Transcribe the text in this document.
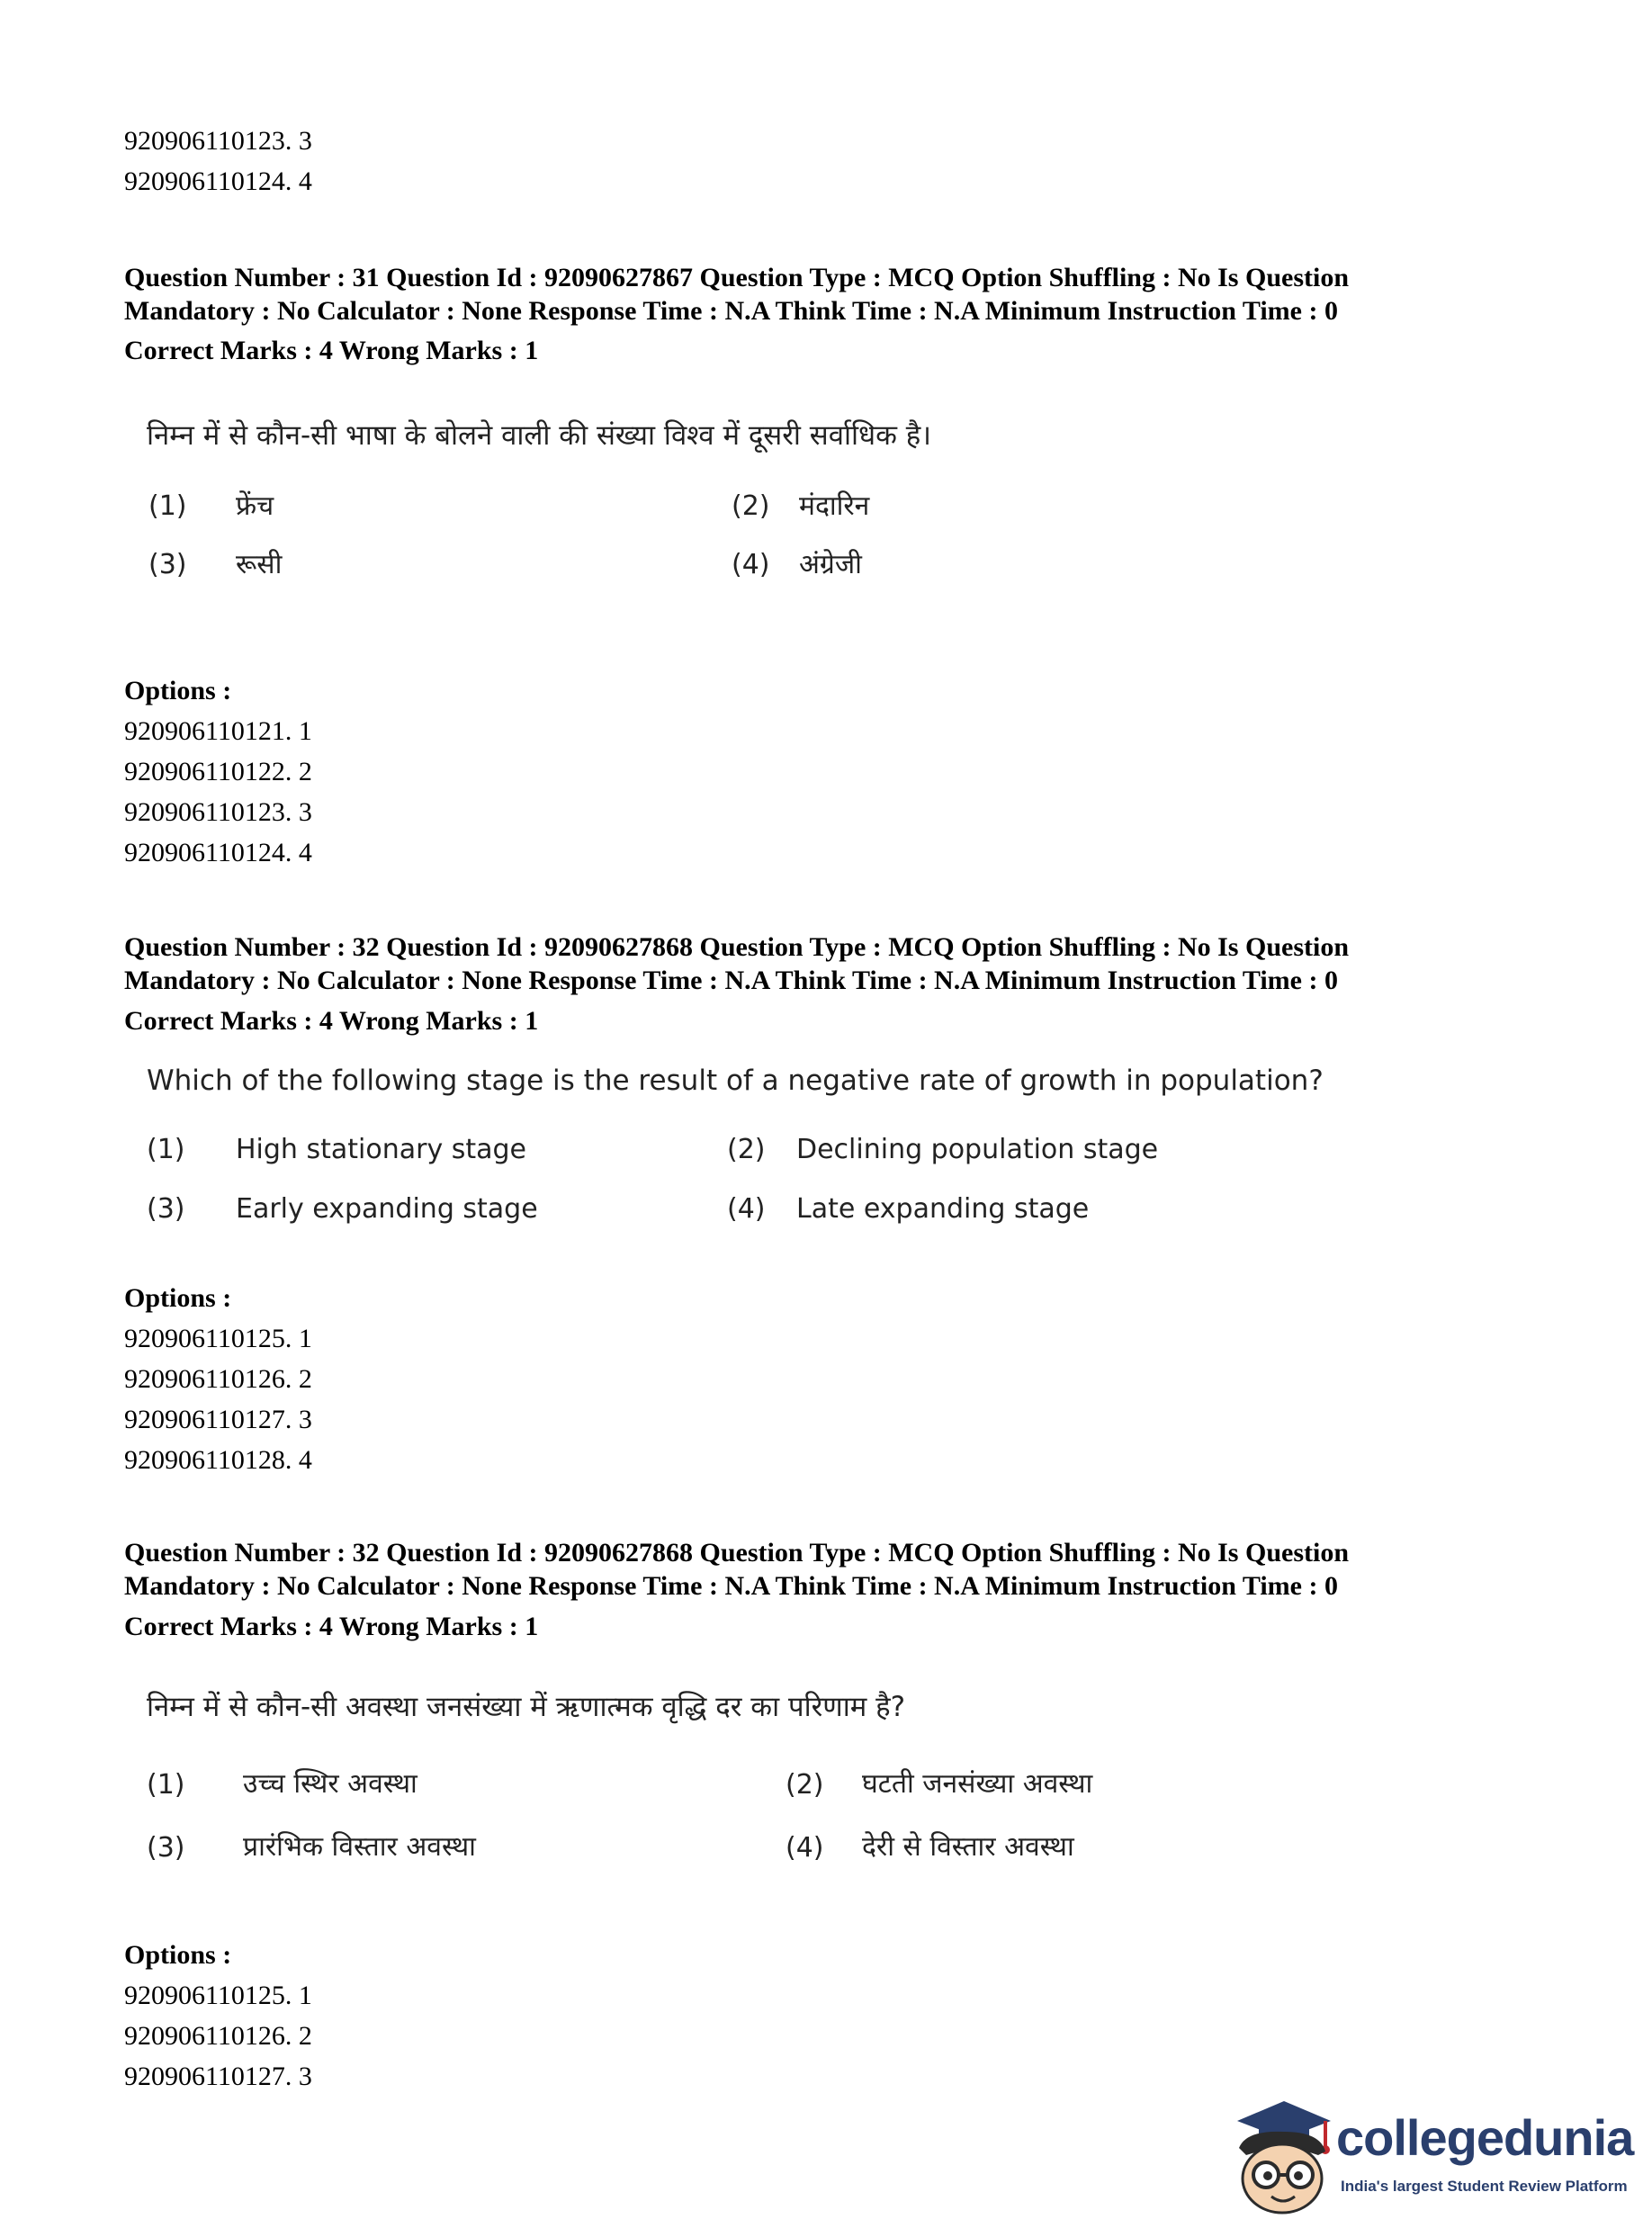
920906110123. 3
920906110124. 4
Question Number : 31 Question Id : 92090627867 Question Type : MCQ Option Shuffling : No Is Question
Mandatory : No Calculator : None Response Time : N.A Think Time : N.A Minimum Instruction Time : 0
Correct Marks : 4 Wrong Marks : 1
निम्न में से कौन-सी भाषा के बोलने वाली की संख्या विश्व में दूसरी सर्वाधिक है।
(1) फ्रेंच	(2) मंदारिन
(3) रूसी	(4) अंग्रेजी
Options :
920906110121. 1
920906110122. 2
920906110123. 3
920906110124. 4
Question Number : 32 Question Id : 92090627868 Question Type : MCQ Option Shuffling : No Is Question
Mandatory : No Calculator : None Response Time : N.A Think Time : N.A Minimum Instruction Time : 0
Correct Marks : 4 Wrong Marks : 1
Which of the following stage is the result of a negative rate of growth in population?
(1) High stationary stage	(2) Declining population stage
(3) Early expanding stage	(4) Late expanding stage
Options :
920906110125. 1
920906110126. 2
920906110127. 3
920906110128. 4
Question Number : 32 Question Id : 92090627868 Question Type : MCQ Option Shuffling : No Is Question
Mandatory : No Calculator : None Response Time : N.A Think Time : N.A Minimum Instruction Time : 0
Correct Marks : 4 Wrong Marks : 1
निम्न में से कौन-सी अवस्था जनसंख्या में ऋणात्मक वृद्धि दर का परिणाम है?
(1) उच्च स्थिर अवस्था	(2) घटती जनसंख्या अवस्था
(3) प्रारंभिक विस्तार अवस्था	(4) देरी से विस्तार अवस्था
Options :
920906110125. 1
920906110126. 2
920906110127. 3
collegedunia
India's largest Student Review Platform
